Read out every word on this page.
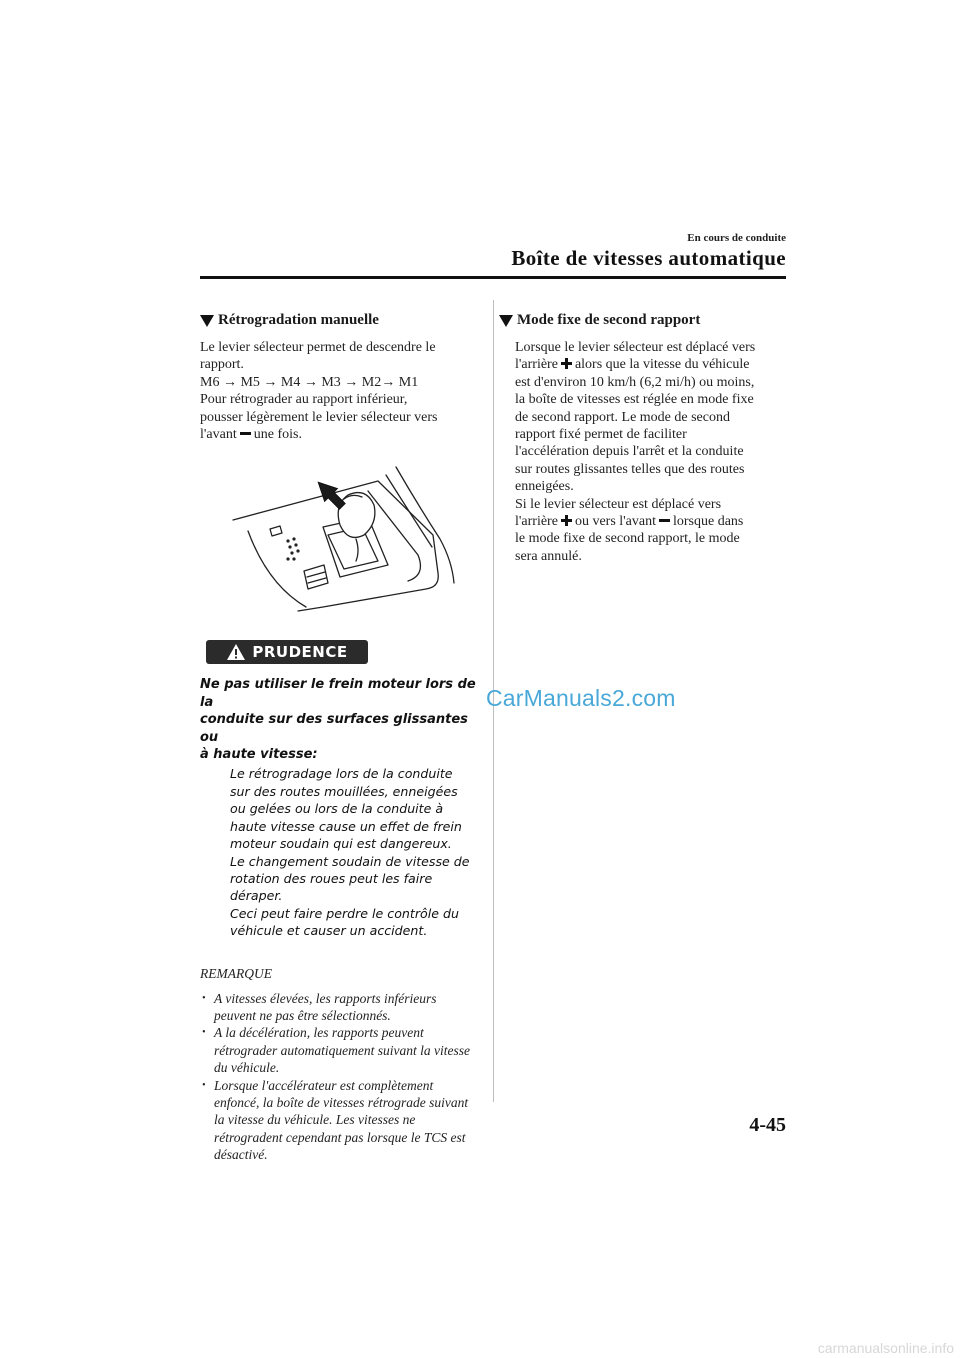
En cours de conduite
Boîte de vitesses automatique
Rétrogradation manuelle
Le levier sélecteur permet de descendre le
rapport.
M6 → M5 → M4 → M3 → M2→ M1
Pour rétrograder au rapport inférieur,
pousser légèrement le levier sélecteur vers
l'avant une fois.
PRUDENCE
Ne pas utiliser le frein moteur lors de la
conduite sur des surfaces glissantes ou
à haute vitesse:
Le rétrogradage lors de la conduite
sur des routes mouillées, enneigées
ou gelées ou lors de la conduite à
haute vitesse cause un effet de frein
moteur soudain qui est dangereux.
Le changement soudain de vitesse de
rotation des roues peut les faire déraper.
Ceci peut faire perdre le contrôle du
véhicule et causer un accident.
REMARQUE
• A vitesses élevées, les rapports inférieurs peuvent ne pas être sélectionnés.
• A la décélération, les rapports peuvent rétrograder automatiquement suivant la vitesse du véhicule.
• Lorsque l'accélérateur est complètement enfoncé, la boîte de vitesses rétrograde suivant la vitesse du véhicule. Les vitesses ne rétrogradent cependant pas lorsque le TCS est désactivé.
Mode fixe de second rapport
Lorsque le levier sélecteur est déplacé vers
l'arrière alors que la vitesse du véhicule
est d'environ 10 km/h (6,2 mi/h) ou moins,
la boîte de vitesses est réglée en mode fixe
de second rapport. Le mode de second
rapport fixé permet de faciliter
l'accélération depuis l'arrêt et la conduite
sur routes glissantes telles que des routes
enneigées.
Si le levier sélecteur est déplacé vers
l'arrière ou vers l'avant lorsque dans
le mode fixe de second rapport, le mode
sera annulé.
CarManuals2.com
4-45
carmanualsonline.info
